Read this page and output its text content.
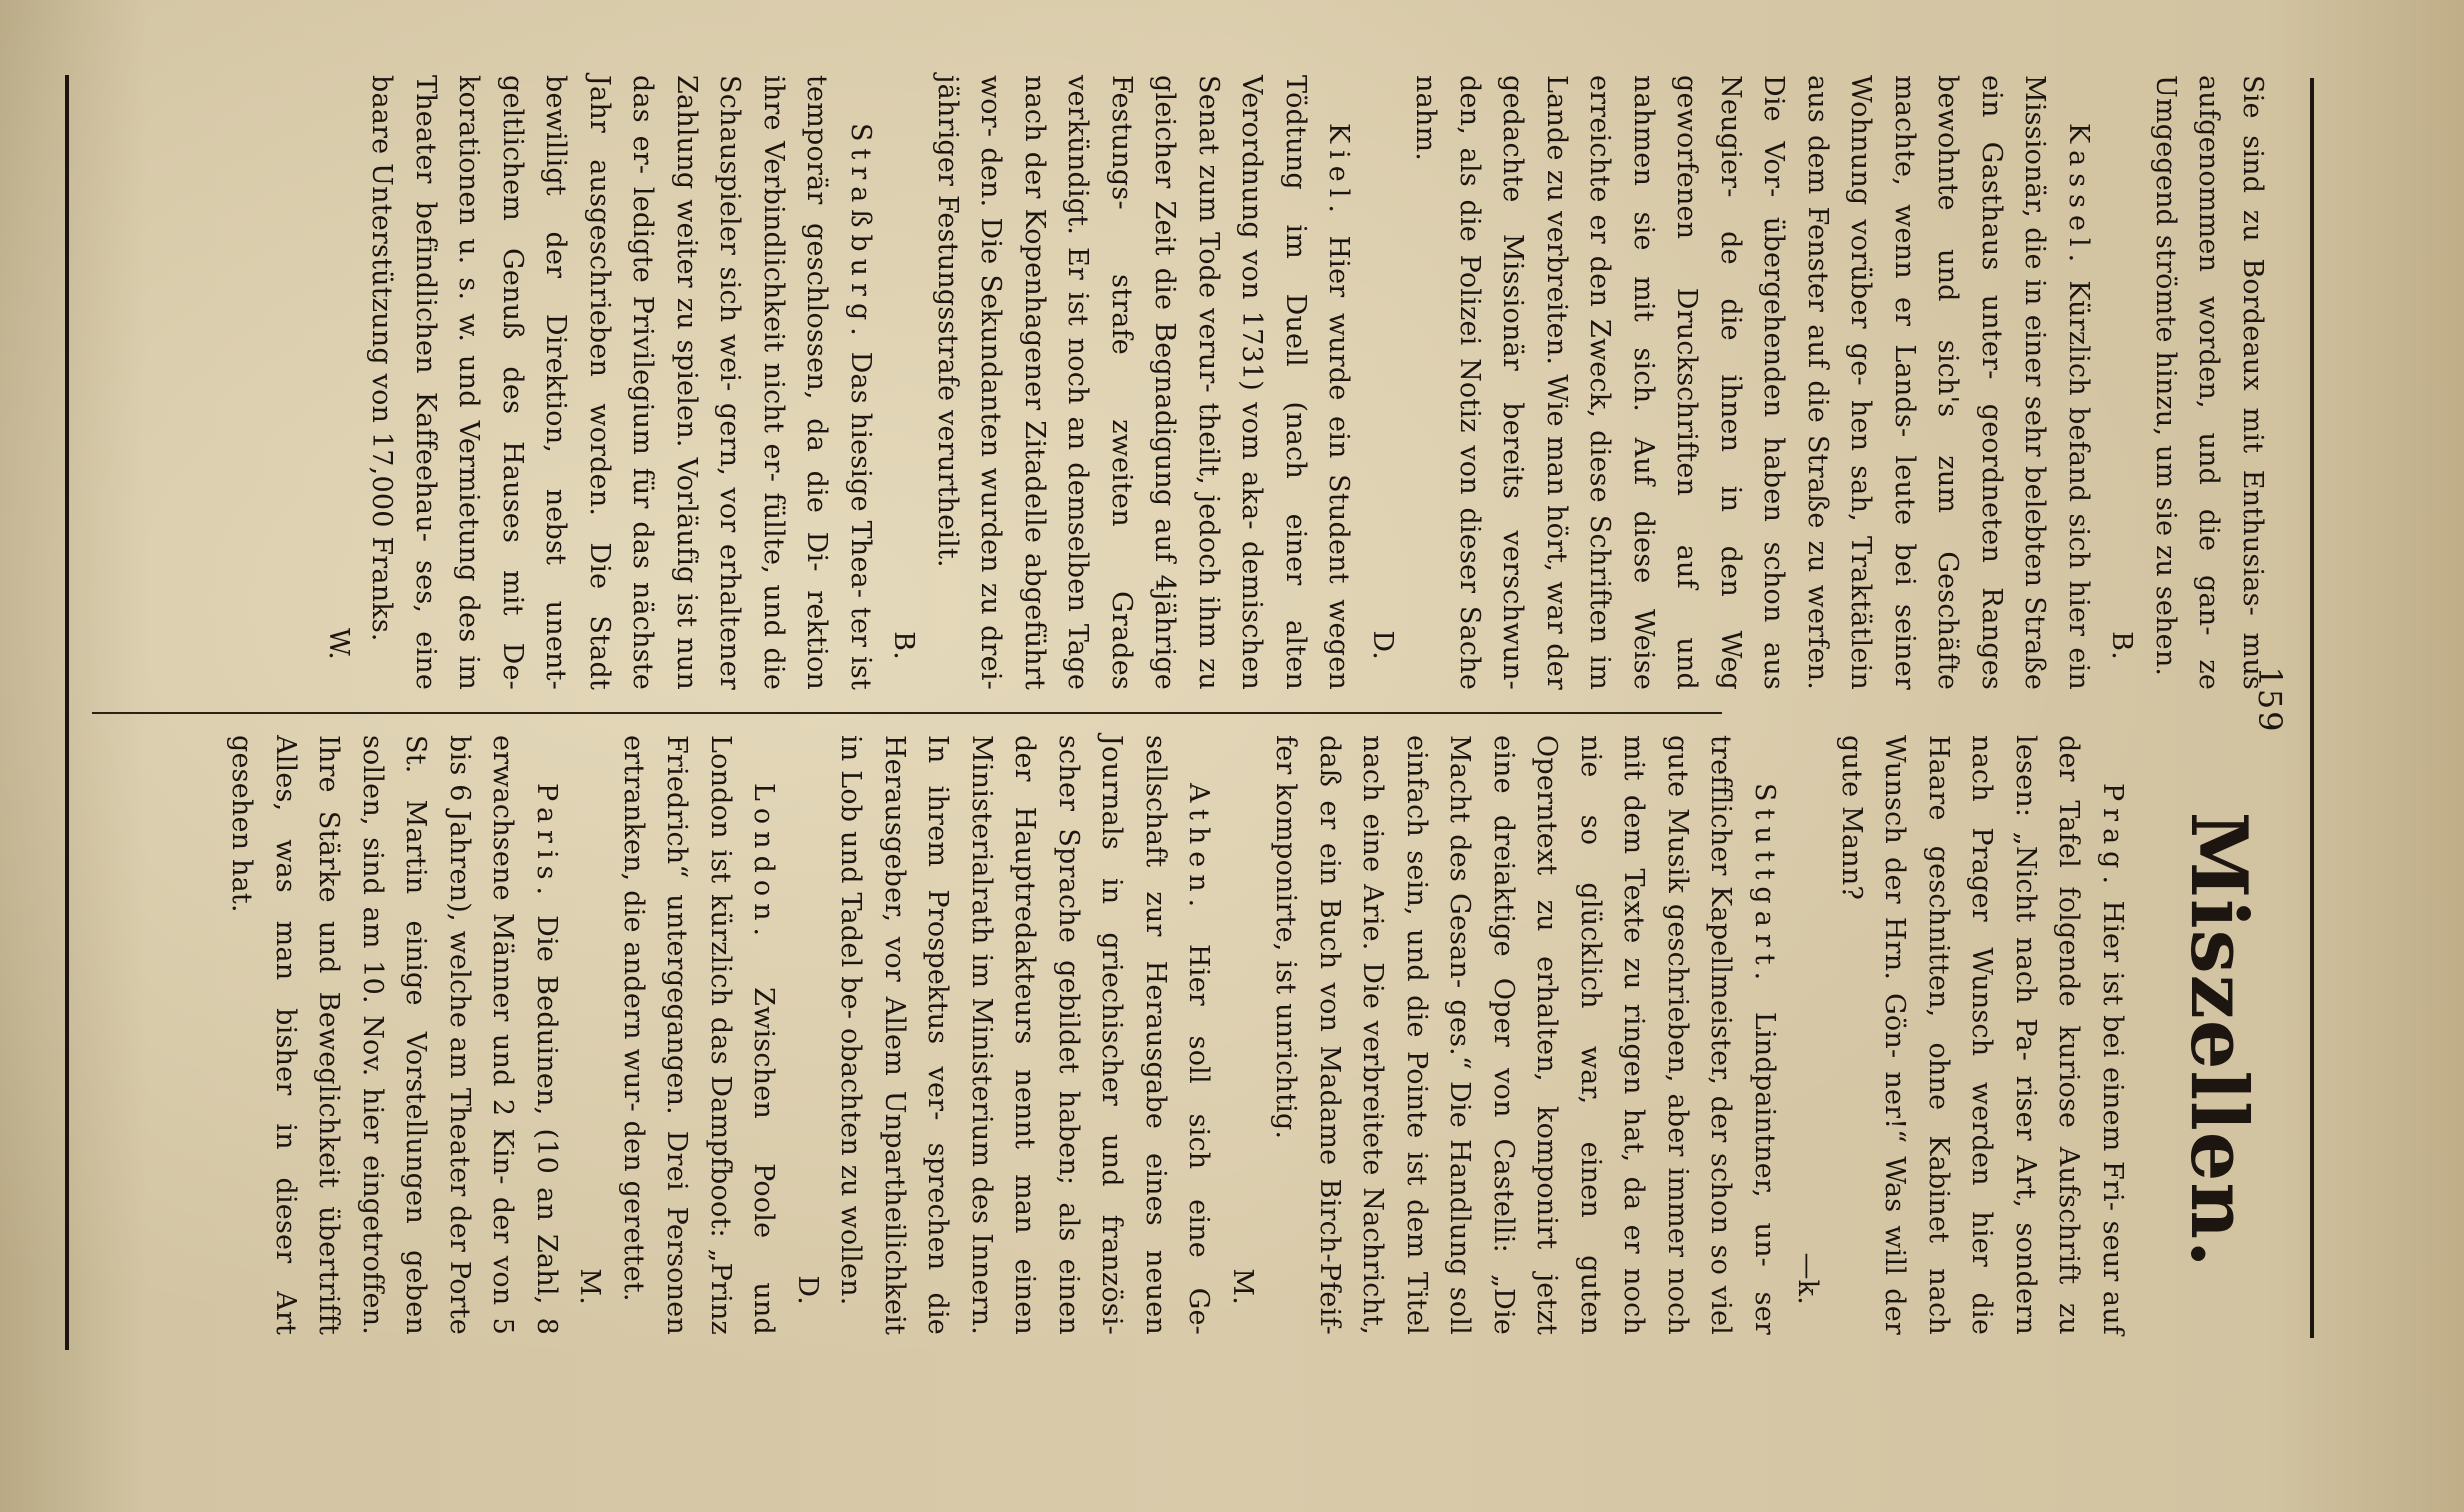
159

Sie sind zu Bordeaux mit Enthusias- mus aufgenommen worden, und die gan- ze Umgegend strömte hinzu, um sie zu sehen.

B.

Kassel. Kürzlich befand sich hier ein Missionär, die in einer sehr belebten Straße ein Gasthaus unter- geordneten Ranges bewohnte und sich's zum Geschäfte machte, wenn er Lands- leute bei seiner Wohnung vorüber ge- hen sah, Traktätlein aus dem Fenster auf die Straße zu werfen. Die Vor- übergehenden haben schon aus Neugier- de die ihnen in den Weg geworfenen Druckschriften auf und nahmen sie mit sich. Auf diese Weise erreichte er den Zweck, diese Schriften im Lande zu verbreiten. Wie man hört, war der gedachte Missionär bereits verschwun- den, als die Polizei Notiz von dieser Sache nahm.

D.

Kiel. Hier wurde ein Student wegen Tödtung im Duell (nach einer alten Verordnung von 1731) vom aka- demischen Senat zum Tode verur- theilt, jedoch ihm zu gleicher Zeit die Begnadigung auf 4jährige Festungs- strafe zweiten Grades verkündigt. Er ist noch an demselben Tage nach der Kopenhagener Zitadelle abgeführt wor- den. Die Sekundanten wurden zu drei- jähriger Festungsstrafe verurtheilt.

B.

Straßburg. Das hiesige Thea- ter ist temporär geschlossen, da die Di- rektion ihre Verbindlichkeit nicht er- füllte, und die Schauspieler sich wei- gern, vor erhaltener Zahlung weiter zu spielen. Vorläufig ist nun das er- ledigte Privilegium für das nächste Jahr ausgeschrieben worden. Die Stadt bewilligt der Direktion, nebst unent- geltlichem Genuß des Hauses mit De- korationen u. s. w. und Vermietung des im Theater befindlichen Kaffeehau- ses, eine baare Unterstützung von 17,000 Franks.

W.
Miszellen.

Prag. Hier ist bei einem Fri- seur auf der Tafel folgende kuriose Aufschrift zu lesen: „Nicht nach Pa- riser Art, sondern nach Prager Wunsch werden hier die Haare geschnitten, ohne Kabinet nach Wunsch der Hrn. Gön- ner!“ Was will der gute Mann?

—k.

Stuttgart. Lindpaintner, un- ser trefflicher Kapellmeister, der schon so viel gute Musik geschrieben, aber immer noch mit dem Texte zu ringen hat, da er noch nie so glücklich war, einen guten Operntext zu erhalten, komponirt jetzt eine dreiaktige Oper von Castelli: „Die Macht des Gesan- ges.“ Die Handlung soll einfach sein, und die Pointe ist dem Titel nach eine Arie. Die verbreitete Nachricht, daß er ein Buch von Madame Birch-Pfeif- fer komponirte, ist unrichtig.

M.

Athen. Hier soll sich eine Ge- sellschaft zur Herausgabe eines neuen Journals in griechischer und französi- scher Sprache gebildet haben; als einen der Hauptredakteurs nennt man einen Ministerialrath im Ministerium des Innern. In ihrem Prospektus ver- sprechen die Herausgeber, vor Allem Unpartheilichkeit in Lob und Tadel be- obachten zu wollen.

D.

London. Zwischen Poole und London ist kürzlich das Dampfboot: „Prinz Friedrich“ untergegangen. Drei Personen ertranken, die andern wur- den gerettet.

M.

Paris. Die Beduinen, (10 an Zahl, 8 erwachsene Männer und 2 Kin- der von 5 bis 6 Jahren), welche am Theater der Porte St. Martin einige Vorstellungen geben sollen, sind am 10. Nov. hier eingetroffen. Ihre Stärke und Beweglichkeit übertrifft Alles, was man bisher in dieser Art gesehen hat.
